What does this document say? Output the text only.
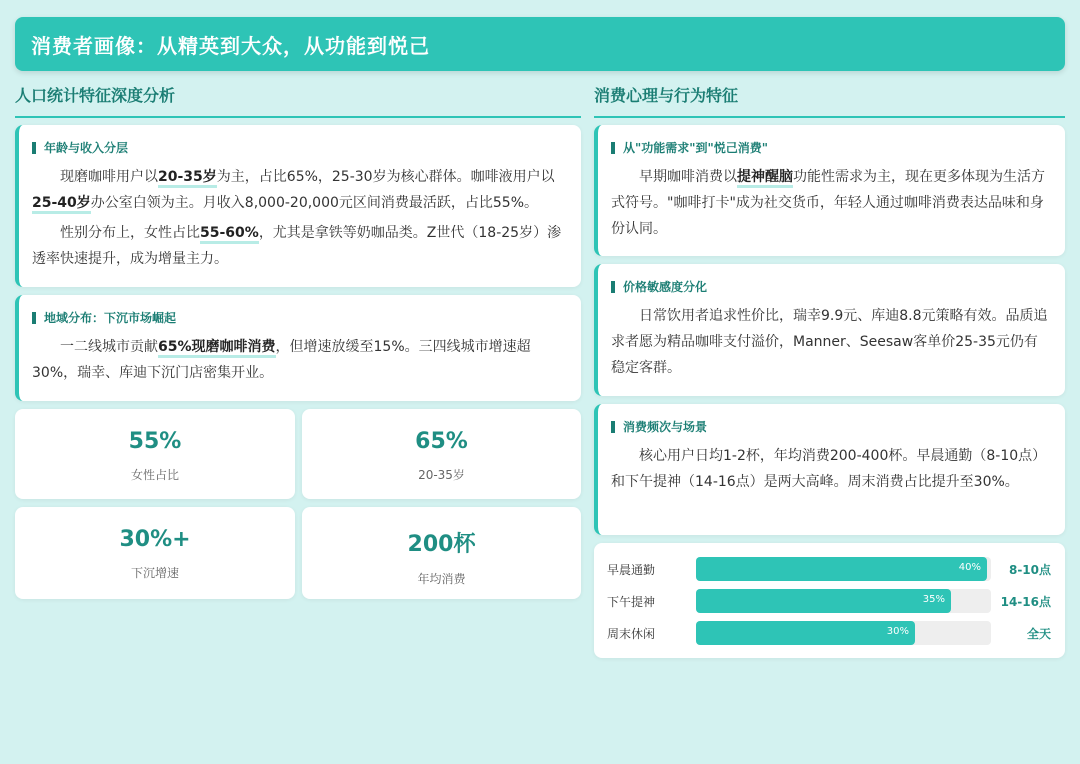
消费者画像：从精英到大众，从功能到悦己
人口统计特征深度分析
年龄与收入分层

现磨咖啡用户以20-35岁为主，占比65%，25-30岁为核心群体。咖啡液用户以25-40岁办公室白领为主。月收入8,000-20,000元区间消费最活跃，占比55%。

性别分布上，女性占比55-60%，尤其是拿铁等奶咖品类。Z世代（18-25岁）渗透率快速提升，成为增量主力。

地域分布：下沉市场崛起

一二线城市贡献65%现磨咖啡消费，但增速放缓至15%。三四线城市增速超30%，瑞幸、库迪下沉门店密集开业。

55%
女性占比
65%
20-35岁
30%+
下沉增速
200杯
年均消费
消费心理与行为特征
从"功能需求"到"悦己消费"

早期咖啡消费以提神醒脑功能性需求为主，现在更多体现为生活方式符号。"咖啡打卡"成为社交货币，年轻人通过咖啡消费表达品味和身份认同。

价格敏感度分化

日常饮用者追求性价比，瑞幸9.9元、库迪8.8元策略有效。品质追求者愿为精品咖啡支付溢价，Manner、Seesaw客单价25-35元仍有稳定客群。

消费频次与场景

核心用户日均1-2杯，年均消费200-400杯。早晨通勤（8-10点）和下午提神（14-16点）是两大高峰。周末消费占比提升至30%。

早晨通勤	40% 8-10点
下午提神	35%	14-16点
周末休闲	30%	全天
